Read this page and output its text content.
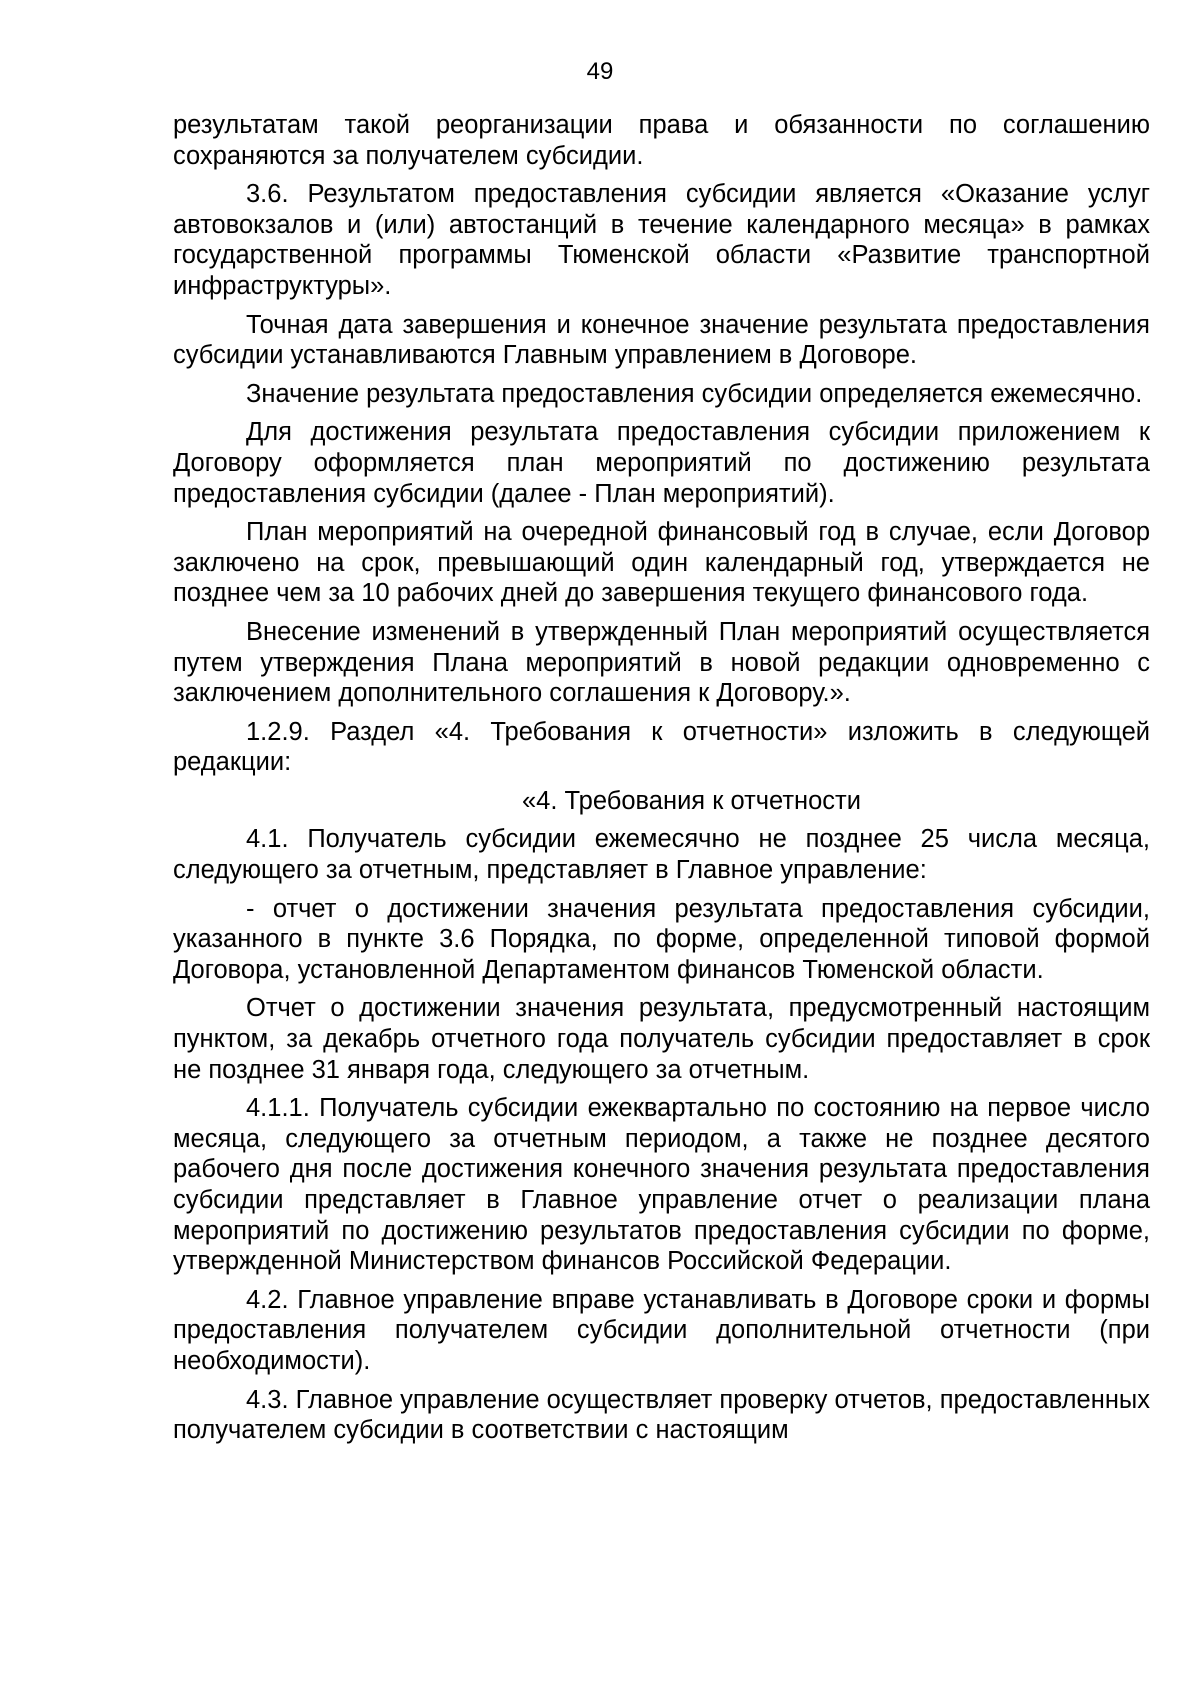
49

результатам такой реорганизации права и обязанности по соглашению сохраняются за получателем субсидии.

3.6. Результатом предоставления субсидии является «Оказание услуг автовокзалов и (или) автостанций в течение календарного месяца» в рамках государственной программы Тюменской области «Развитие транспортной инфраструктуры».

Точная дата завершения и конечное значение результата предоставления субсидии устанавливаются Главным управлением в Договоре.

Значение результата предоставления субсидии определяется ежемесячно.

Для достижения результата предоставления субсидии приложением к Договору оформляется план мероприятий по достижению результата предоставления субсидии (далее - План мероприятий).

План мероприятий на очередной финансовый год в случае, если Договор заключено на срок, превышающий один календарный год, утверждается не позднее чем за 10 рабочих дней до завершения текущего финансового года.

Внесение изменений в утвержденный План мероприятий осуществляется путем утверждения Плана мероприятий в новой редакции одновременно с заключением дополнительного соглашения к Договору.».

1.2.9. Раздел «4. Требования к отчетности» изложить в следующей редакции:

«4. Требования к отчетности

4.1. Получатель субсидии ежемесячно не позднее 25 числа месяца, следующего за отчетным, представляет в Главное управление:

- отчет о достижении значения результата предоставления субсидии, указанного в пункте 3.6 Порядка, по форме, определенной типовой формой Договора, установленной Департаментом финансов Тюменской области.

Отчет о достижении значения результата, предусмотренный настоящим пунктом, за декабрь отчетного года получатель субсидии предоставляет в срок не позднее 31 января года, следующего за отчетным.

4.1.1. Получатель субсидии ежеквартально по состоянию на первое число месяца, следующего за отчетным периодом, а также не позднее десятого рабочего дня после достижения конечного значения результата предоставления субсидии представляет в Главное управление отчет о реализации плана мероприятий по достижению результатов предоставления субсидии по форме, утвержденной Министерством финансов Российской Федерации.

4.2. Главное управление вправе устанавливать в Договоре сроки и формы предоставления получателем субсидии дополнительной отчетности (при необходимости).

4.3. Главное управление осуществляет проверку отчетов, предоставленных получателем субсидии в соответствии с настоящим
